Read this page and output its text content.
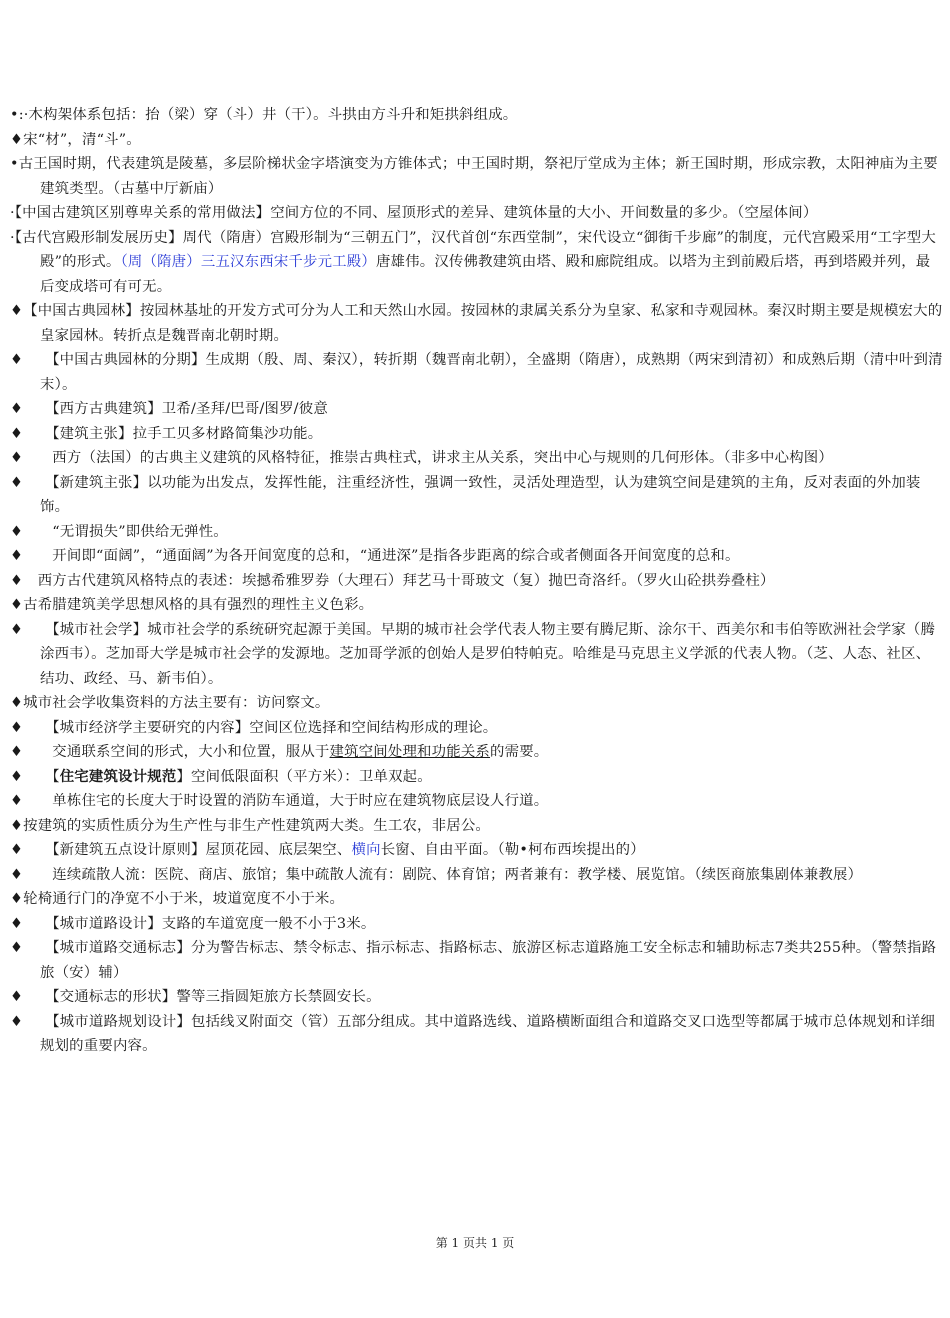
•:·木构架体系包括：抬（梁）穿（斗）井（干）。斗拱由方斗升和矩拱斜组成。

♦宋“材”，清“斗”。

•古王国时期，代表建筑是陵墓，多层阶梯状金字塔演变为方锥体式；中王国时期，祭祀厅堂成为主体；新王国时期，形成宗教，太阳神庙为主要建筑类型。（古墓中厅新庙）

·【中国古建筑区别尊卑关系的常用做法】空间方位的不同、屋顶形式的差异、建筑体量的大小、开间数量的多少。（空屋体间）

·【古代宫殿形制发展历史】周代（隋唐）宫殿形制为“三朝五门”，汉代首创“东西堂制”，宋代设立“御街千步廊”的制度，元代宫殿采用“工字型大殿”的形式。（周（隋唐）三五汉东西宋千步元工殿）唐雄伟。汉传佛教建筑由塔、殿和廊院组成。以塔为主到前殿后塔，再到塔殿并列，最后变成塔可有可无。

♦【中国古典园林】按园林基址的开发方式可分为人工和天然山水园。按园林的隶属关系分为皇家、私家和寺观园林。秦汉时期主要是规模宏大的皇家园林。转折点是魏晋南北朝时期。

♦　　【中国古典园林的分期】生成期（殷、周、秦汉），转折期（魏晋南北朝），全盛期（隋唐），成熟期（两宋到清初）和成熟后期（清中叶到清末）。

♦　　【西方古典建筑】卫希/圣拜/巴哥/图罗/彼意

♦　　【建筑主张】拉手工贝多材路简集沙功能。

♦　　西方（法国）的古典主义建筑的风格特征，推崇古典柱式，讲求主从关系，突出中心与规则的几何形体。（非多中心构图）

♦　　【新建筑主张】以功能为出发点，发挥性能，注重经济性，强调一致性，灵活处理造型，认为建筑空间是建筑的主角，反对表面的外加装饰。

♦　　“无谓损失”即供给无弹性。

♦　　开间即“面阔”，“通面阔”为各开间宽度的总和，“通进深”是指各步距离的综合或者侧面各开间宽度的总和。

♦　西方古代建筑风格特点的表述：埃撼希雅罗券（大理石）拜艺马十哥玻文（复）抛巴奇洛纤。（罗火山砼拱券叠柱）

♦古希腊建筑美学思想风格的具有强烈的理性主义色彩。

♦　　【城市社会学】城市社会学的系统研究起源于美国。早期的城市社会学代表人物主要有腾尼斯、涂尔干、西美尔和韦伯等欧洲社会学家（腾涂西韦）。芝加哥大学是城市社会学的发源地。芝加哥学派的创始人是罗伯特帕克。哈维是马克思主义学派的代表人物。（芝、人态、社区、结功、政经、马、新韦伯）。

♦城市社会学收集资料的方法主要有：访问察文。

♦　　【城市经济学主要研究的内容】空间区位选择和空间结构形成的理论。

♦　　交通联系空间的形式，大小和位置，服从于建筑空间处理和功能关系的需要。

♦　　【住宅建筑设计规范】空间低限面积（平方米）：卫单双起。

♦　　单栋住宅的长度大于时设置的消防车通道，大于时应在建筑物底层设人行道。

♦按建筑的实质性质分为生产性与非生产性建筑两大类。生工农，非居公。

♦　　【新建筑五点设计原则】屋顶花园、底层架空、横向长窗、自由平面。（勒•柯布西埃提出的）

♦　　连续疏散人流：医院、商店、旅馆；集中疏散人流有：剧院、体育馆；两者兼有：教学楼、展览馆。（续医商旅集剧体兼教展）

♦轮椅通行门的净宽不小于米，坡道宽度不小于米。

♦　　【城市道路设计】支路的车道宽度一般不小于3米。

♦　　【城市道路交通标志】分为警告标志、禁令标志、指示标志、指路标志、旅游区标志道路施工安全标志和辅助标志7类共255种。（警禁指路旅（安）辅）

♦　　【交通标志的形状】警等三指圆矩旅方长禁圆安长。

♦　　【城市道路规划设计】包括线叉附面交（管）五部分组成。其中道路选线、道路横断面组合和道路交叉口选型等都属于城市总体规划和详细规划的重要内容。

第 1 页共 1 页
